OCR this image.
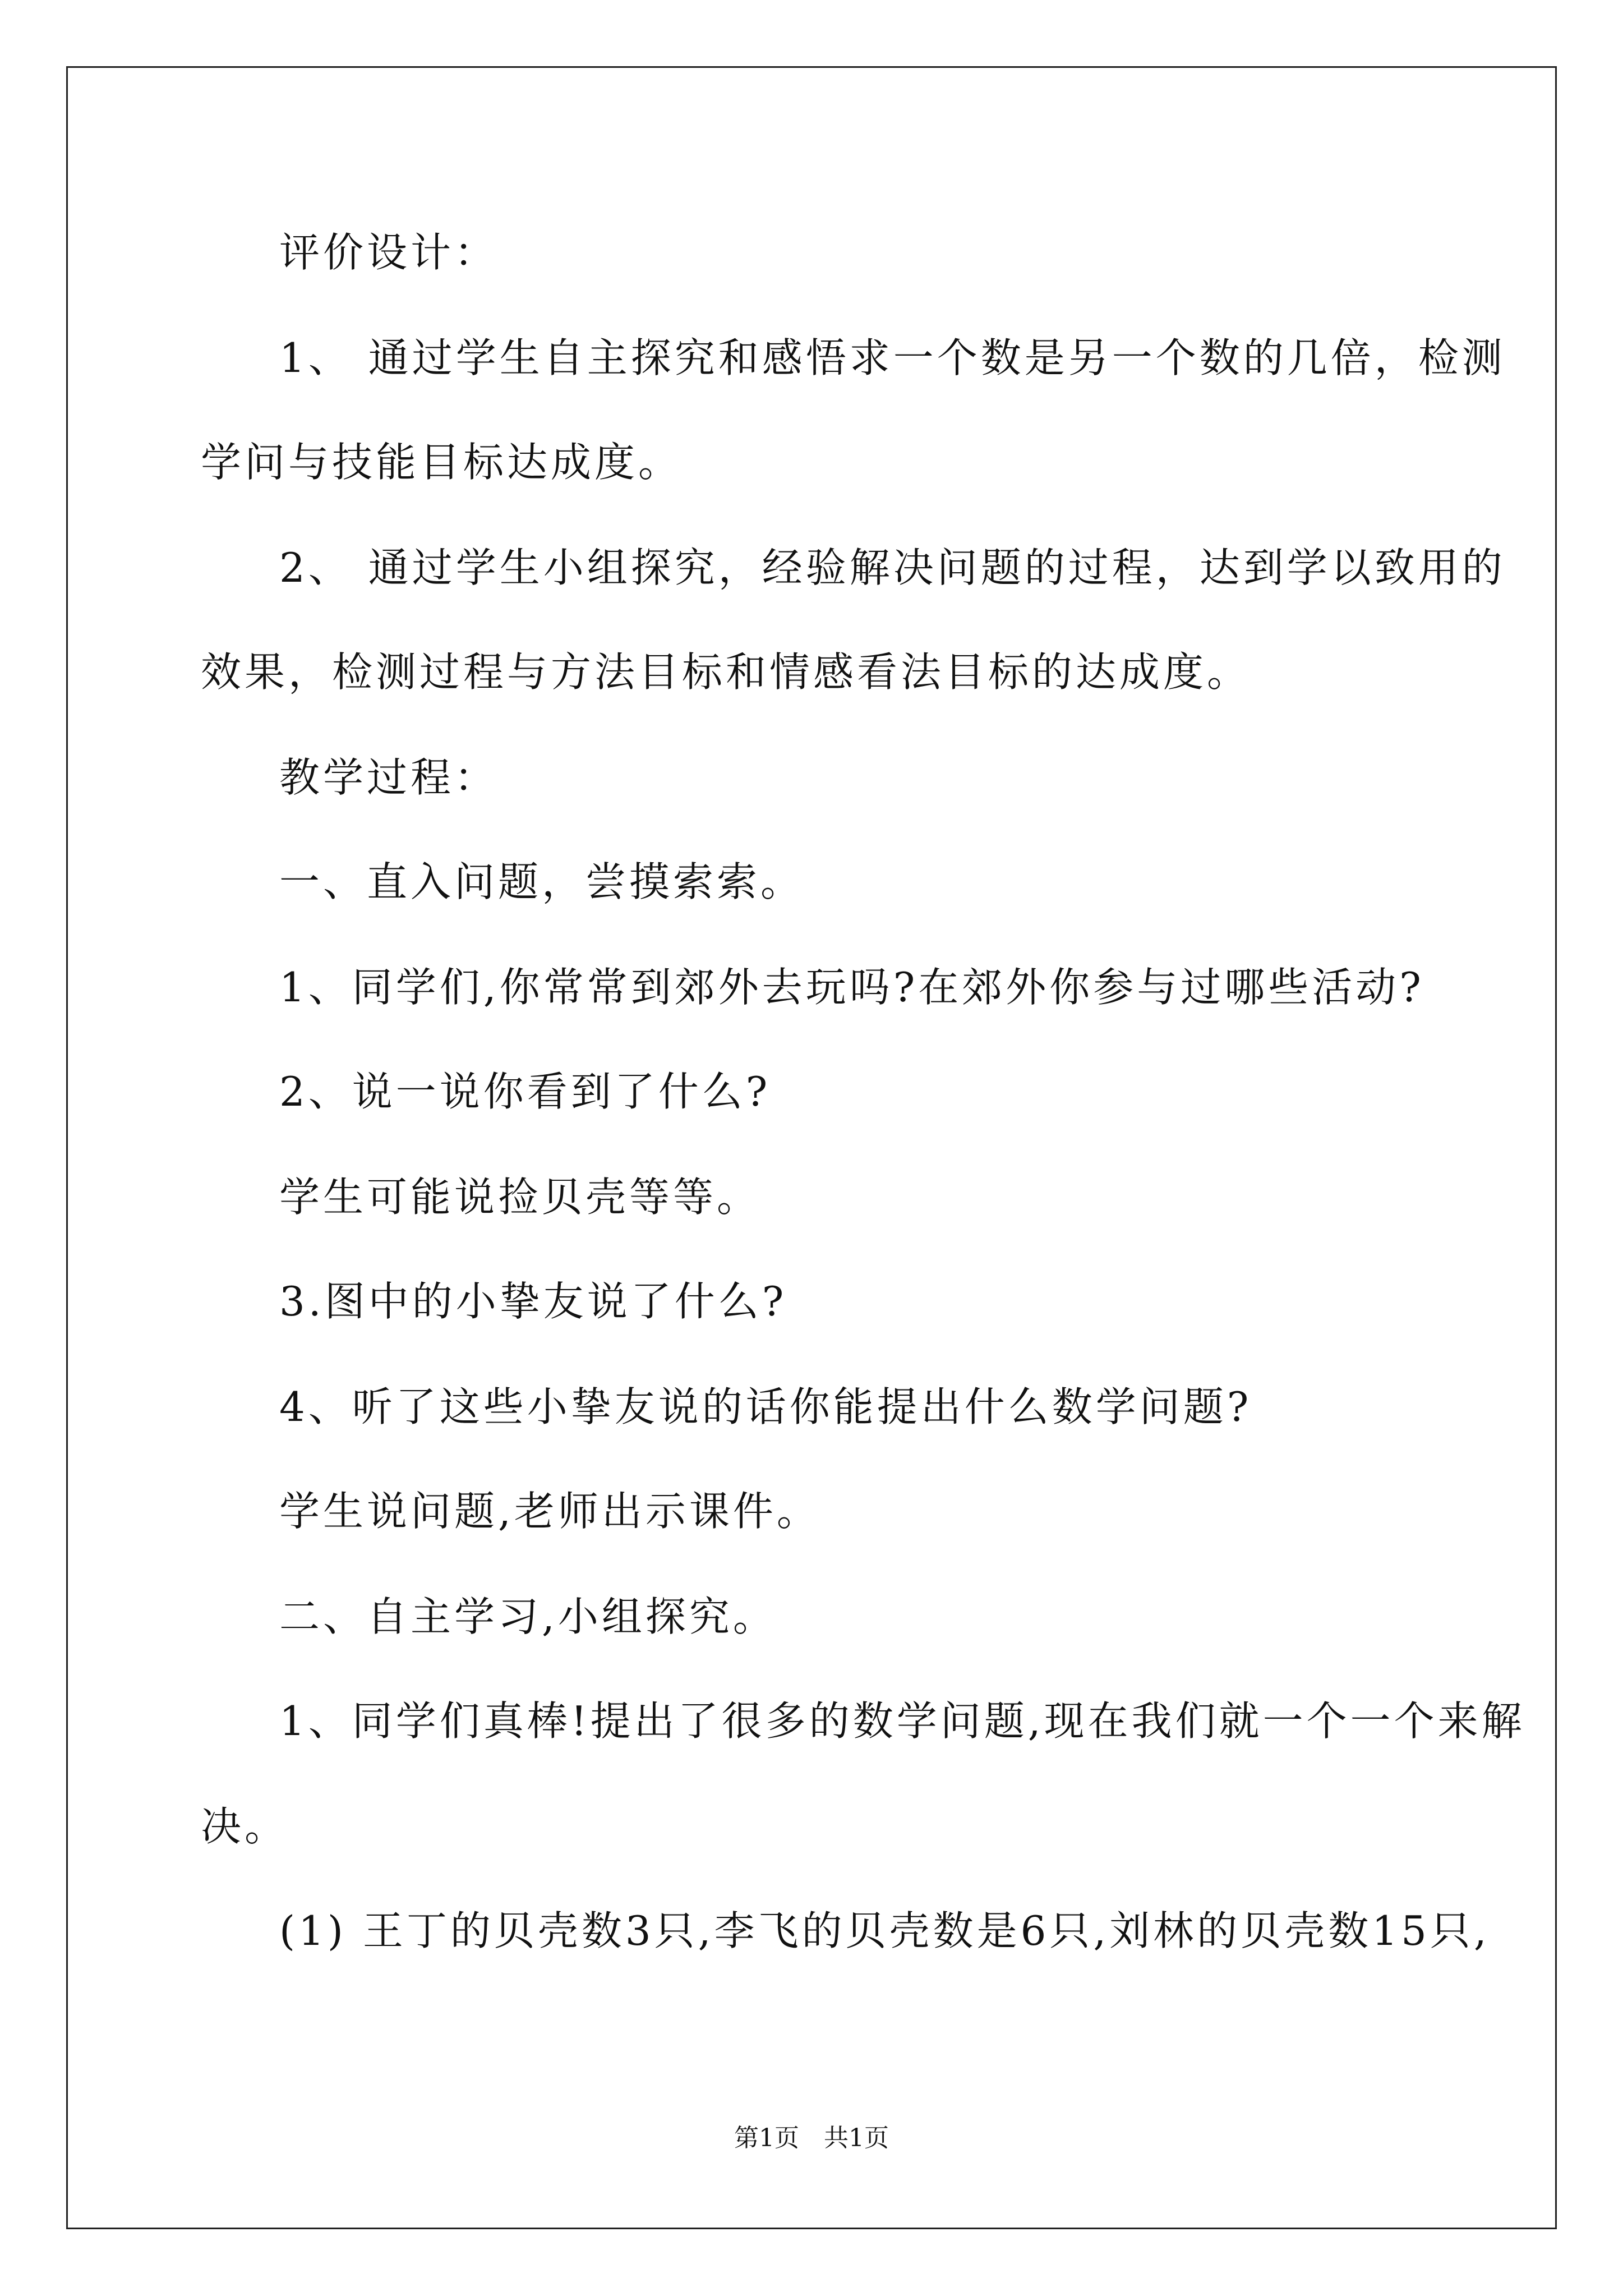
评价设计：
1、 通过学生自主探究和感悟求一个数是另一个数的几倍，检测
学问与技能目标达成度。
2、 通过学生小组探究，经验解决问题的过程，达到学以致用的
效果，检测过程与方法目标和情感看法目标的达成度。
教学过程：
一、直入问题，尝摸索索。
1、同学们,你常常到郊外去玩吗?在郊外你参与过哪些活动?
2、说一说你看到了什么?
学生可能说捡贝壳等等。
3.图中的小挚友说了什么?
4、听了这些小挚友说的话你能提出什么数学问题?
学生说问题,老师出示课件。
二、自主学习,小组探究。
1、同学们真棒!提出了很多的数学问题,现在我们就一个一个来解
决。
(1) 王丁的贝壳数3只,李飞的贝壳数是6只,刘林的贝壳数15只,
第1页 共1页
